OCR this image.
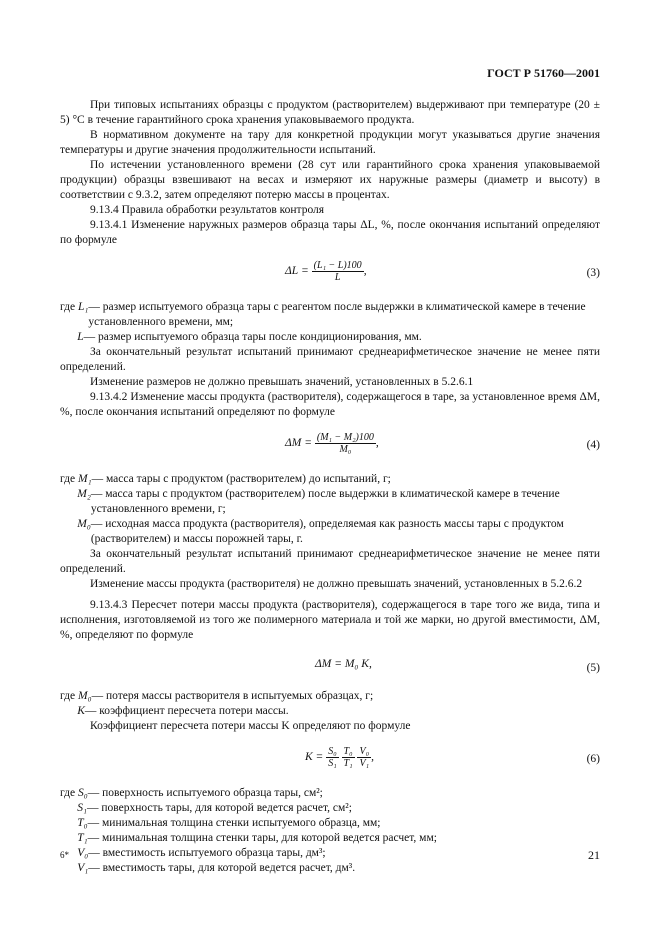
ГОСТ Р 51760—2001

При типовых испытаниях образцы с продуктом (растворителем) выдерживают при температуре (20 ± 5) °С в течение гарантийного срока хранения упаковываемого продукта.

В нормативном документе на тару для конкретной продукции могут указываться другие значения температуры и другие значения продолжительности испытаний.

По истечении установленного времени (28 сут или гарантийного срока хранения упаковываемой продукции) образцы взвешивают на весах и измеряют их наружные размеры (диаметр и высоту) в соответствии с 9.3.2, затем определяют потерю массы в процентах.

9.13.4 Правила обработки результатов контроля

9.13.4.1 Изменение наружных размеров образца тары ΔL, %, после окончания испытаний определяют по формуле

$\Delta L = \frac{\text{(L₁ − L)100}}{L}$ ,	(3)
где L₁ — размер испытуемого образца тары с реагентом после выдержки в климатической камере в течение установленного времени, мм;
L — размер испытуемого образца тары после кондиционирования, мм.

За окончательный результат испытаний принимают среднеарифметическое значение не менее пяти определений.

Изменение размеров не должно превышать значений, установленных в 5.2.6.1

9.13.4.2 Изменение массы продукта (растворителя), содержащегося в таре, за установленное время ΔM, %, после окончания испытаний определяют по формуле

$\Delta M = \frac{\text{(M₁ − M₂)100}}{\text{M₀}}$ ,	(4)
где M₁ — масса тары с продуктом (растворителем) до испытаний, г;
M₂ — масса тары с продуктом (растворителем) после выдержки в климатической камере в течение установленного времени, г;
M₀ — исходная масса продукта (растворителя), определяемая как разность массы тары с продуктом (растворителем) и массы порожней тары, г.

За окончательный результат испытаний принимают среднеарифметическое значение не менее пяти определений.

Изменение массы продукта (растворителя) не должно превышать значений, установленных в 5.2.6.2

9.13.4.3 Пересчет потери массы продукта (растворителя), содержащегося в таре того же вида, типа и исполнения, изготовляемой из того же полимерного материала и той же марки, но другой вместимости, ΔM, %, определяют по формуле

ΔM = M₀ K,	(5)
где M₀ — потеря массы растворителя в испытуемых образцах, г;
K — коэффициент пересчета потери массы.

Коэффициент пересчета потери массы K определяют по формуле

$K = \frac{\text{S₀}}{\text{S₁}}$
$\frac{\text{T₀}}{\text{T₁}}$
$\frac{\text{V₀}}{\text{V₁}}$ ,	(6)
где S₀ — поверхность испытуемого образца тары, см²;
S₁ — поверхность тары, для которой ведется расчет, см²;
T₀ — минимальная толщина стенки испытуемого образца, мм;
T₁ — минимальная толщина стенки тары, для которой ведется расчет, мм;
V₀ — вместимость испытуемого образца тары, дм³;
V₁ — вместимость тары, для которой ведется расчет, дм³.
6*	21
